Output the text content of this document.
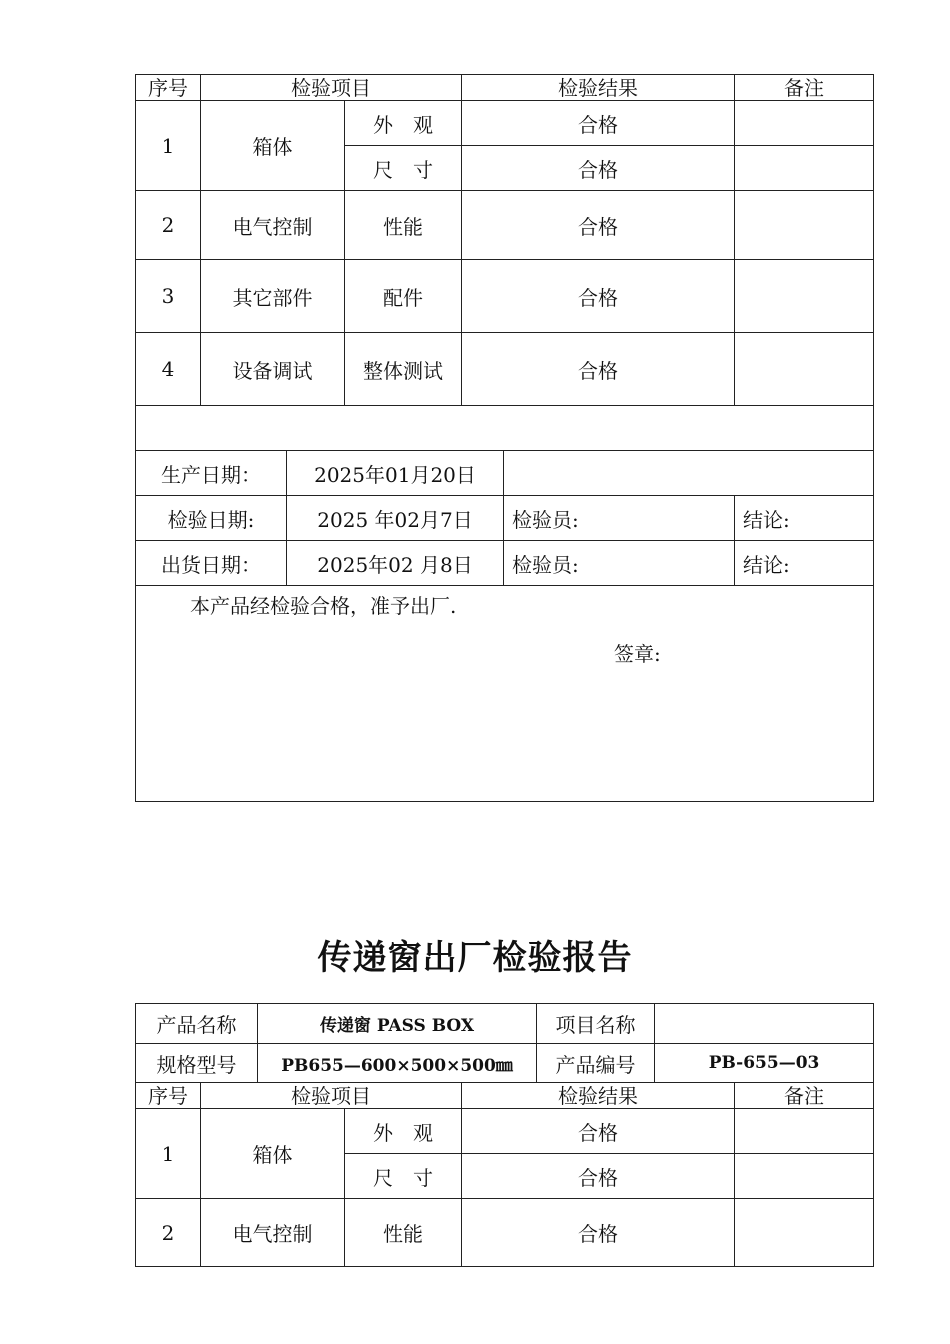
序号	检验项目			检验结果		备注
1	箱体		外　观	合格		
			尺　寸	合格		
2	电气控制		性能	合格		
3	其它部件		配件	合格		
4	设备调试		整体测试	合格		

生产日期：		2025年01月20日				
检验日期:		2025 年02月7日			检验员:	结论:
出货日期：		2025年02 月8日			检验员:	结论:

本产品经检验合格，准予出厂.
签章:						
传递窗出厂检验报告
产品名称		传递窗 PASS BOX			项目名称		
规格型号		PB655—600×500×500㎜			产品编号	PB-655—03	
序号	检验项目			检验结果			备注
1	箱体		外　观	合格			
			尺　寸	合格			
2	电气控制		性能	合格			
